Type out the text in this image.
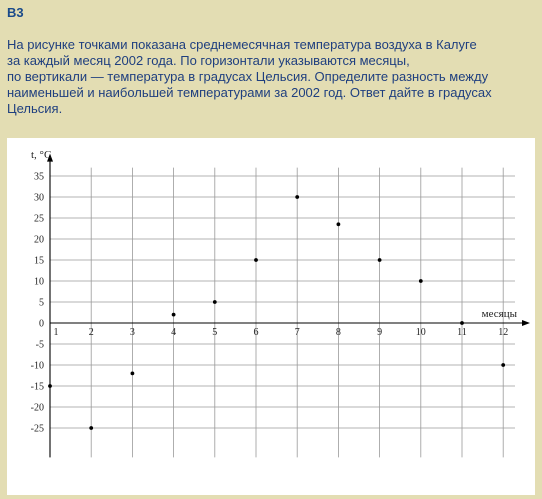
B3
На рисунке точками показана среднемесячная температура воздуха в Калуге
за каждый месяц 2002 года. По горизонтали указываются месяцы,
по вертикали — температура в градусах Цельсия. Определите разность между
наименьшей и наибольшей температурами за 2002 год. Ответ дайте в градусах
Цельсия.
-25
-20
-15
-10
-5
5
10
15
20
25
30
35
0
1	2	3	4	5	6	7	8	9	10	11	12
t, °C
месяцы
